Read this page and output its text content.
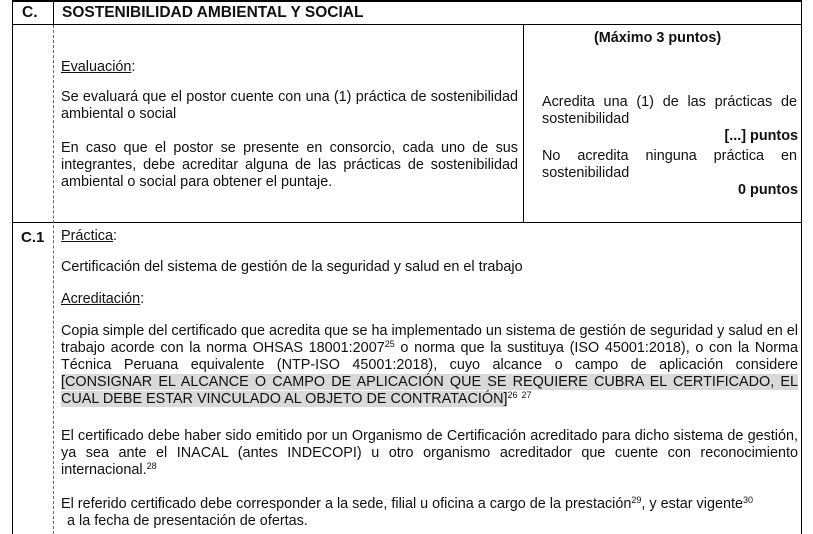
C. SOSTENIBILIDAD AMBIENTAL Y SOCIAL
Evaluación:
Se evaluará que el postor cuente con una (1) práctica de sostenibilidad ambiental o social
En caso que el postor se presente en consorcio, cada uno de sus integrantes, debe acreditar alguna de las prácticas de sostenibilidad ambiental o social para obtener el puntaje.
(Máximo 3 puntos)
Acredita una (1) de las prácticas de sostenibilidad
[...] puntos
No acredita ninguna práctica en sostenibilidad
0 puntos
C.1 Práctica:
Certificación del sistema de gestión de la seguridad y salud en el trabajo
Acreditación:
Copia simple del certificado que acredita que se ha implementado un sistema de gestión de seguridad y salud en el trabajo acorde con la norma OHSAS 18001:2007$^{25}$ o norma que la sustituya (ISO 45001:2018), o con la Norma Técnica Peruana equivalente (NTP-ISO 45001:2018), cuyo alcance o campo de aplicación considere [CONSIGNAR EL ALCANCE O CAMPO DE APLICACIÓN QUE SE REQUIERE CUBRA EL CERTIFICADO, EL CUAL DEBE ESTAR VINCULADO AL OBJETO DE CONTRATACIÓN]$^{26}$ $^{27}$
El certificado debe haber sido emitido por un Organismo de Certificación acreditado para dicho sistema de gestión, ya sea ante el INACAL (antes INDECOPI) u otro organismo acreditador que cuente con reconocimiento internacional.$^{28}$
El referido certificado debe corresponder a la sede, filial u oficina a cargo de la prestación$^{29}$, y estar vigente$^{30}$
a la fecha de presentación de ofertas.
